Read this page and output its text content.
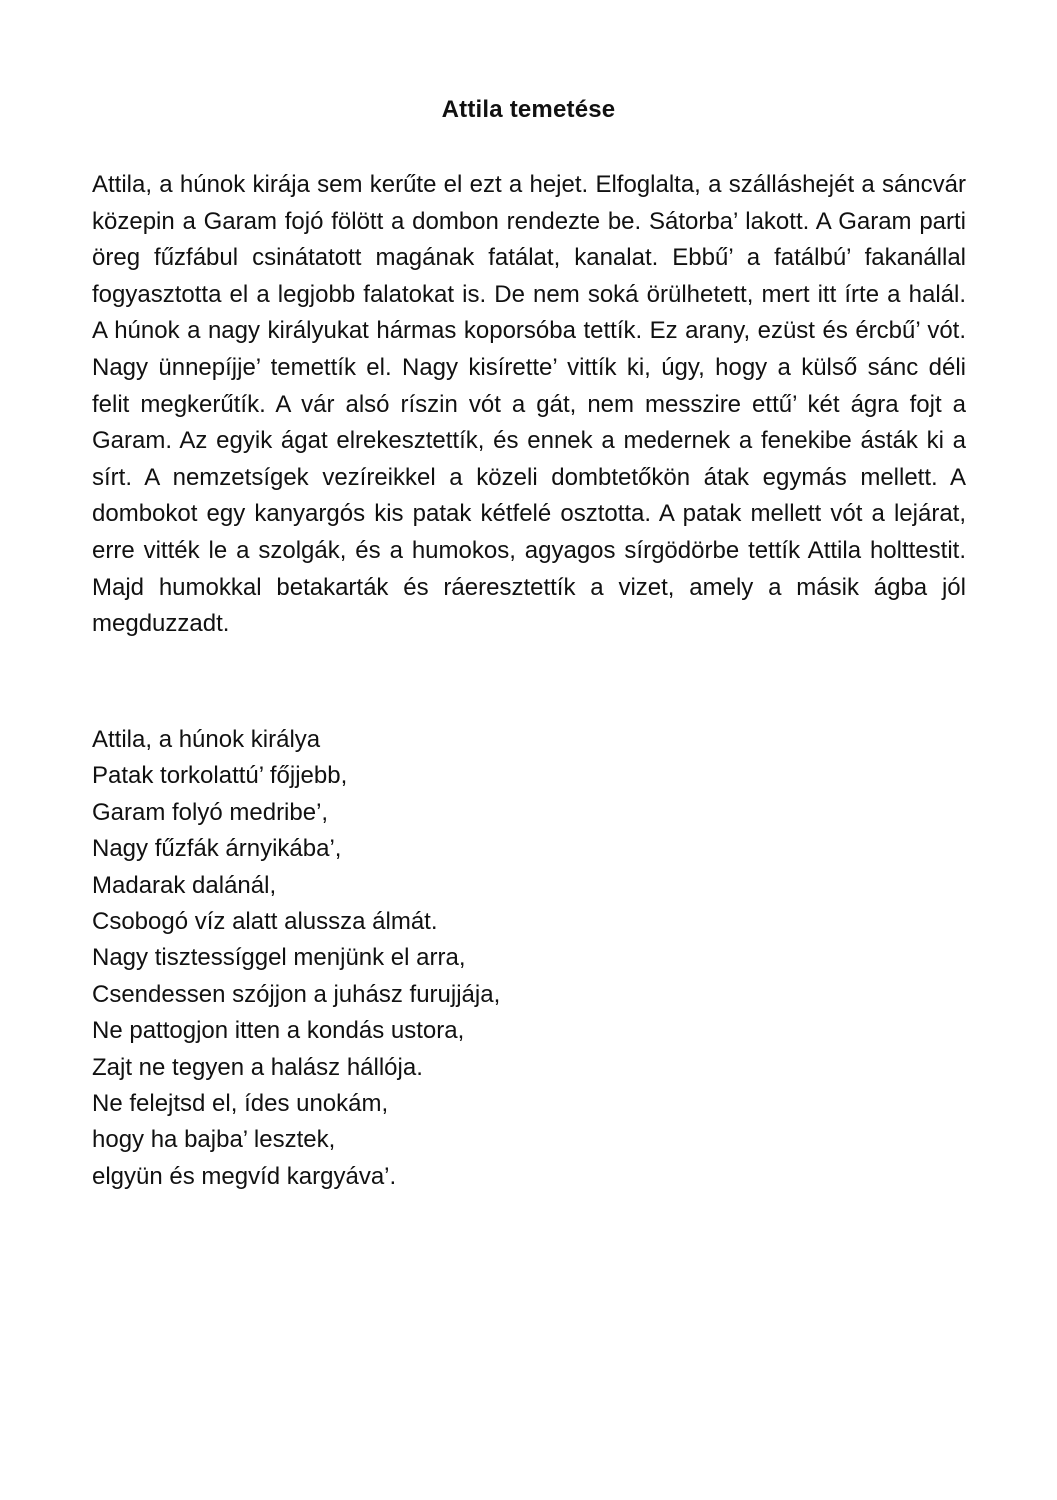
Attila temetése

Attila, a húnok kirája sem kerűte el ezt a hejet. Elfoglalta, a szálláshejét a sáncvár közepin a Garam fojó fölött a dombon rendezte be. Sátorba’ lakott. A Garam parti öreg fűzfábul csinátatott magának fatálat, kanalat. Ebbű’ a fatálbú’ fakanállal fogyasztotta el a legjobb falatokat is. De nem soká örülhetett, mert itt írte a halál. A húnok a nagy királyukat hármas koporsóba tettík. Ez arany, ezüst és ércbű’ vót. Nagy ünnepíjje’ temettík el. Nagy kisírette’ vittík ki, úgy, hogy a külső sánc déli felit megkerűtík. A vár alsó ríszin vót a gát, nem messzire ettű’ két ágra fojt a Garam. Az egyik ágat elrekesztettík, és ennek a medernek a fenekibe ásták ki a sírt. A nemzetsígek vezíreikkel a közeli dombtetőkön átak egymás mellett. A dombokot egy kanyargós kis patak kétfelé osztotta. A patak mellett vót a lejárat, erre vitték le a szolgák, és a humokos, agyagos sírgödörbe tettík Attila holttestit. Majd humokkal betakarták és ráeresztettík a vizet, amely a másik ágba jól megduzzadt.

Attila, a húnok királya
Patak torkolattú’ főjjebb,
Garam folyó medribe’,
Nagy fűzfák árnyikába’,
Madarak dalánál,
Csobogó víz alatt alussza álmát.
Nagy tisztessíggel menjünk el arra,
Csendessen szójjon a juhász furujjája,
Ne pattogjon itten a kondás ustora,
Zajt ne tegyen a halász hállója.
Ne felejtsd el, ídes unokám,
hogy ha bajba’ lesztek,
elgyün és megvíd kargyáva’.
